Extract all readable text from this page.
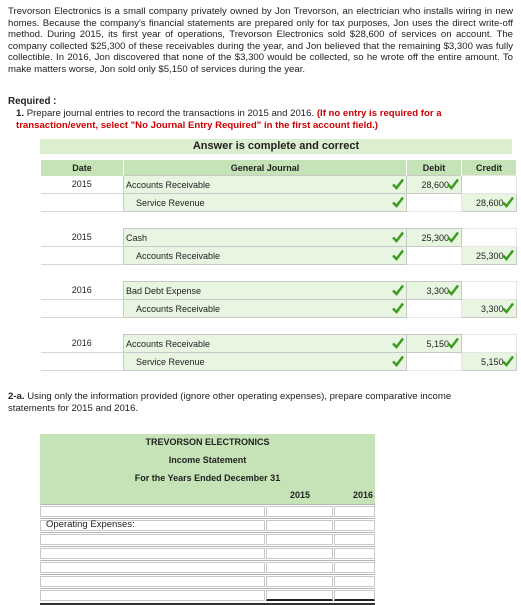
Trevorson Electronics is a small company privately owned by Jon Trevorson, an electrician who installs wiring in new homes. Because the company's financial statements are prepared only for tax purposes, Jon uses the direct write-off method. During 2015, its first year of operations, Trevorson Electronics sold $28,600 of services on account. The company collected $25,300 of these receivables during the year, and Jon believed that the remaining $3,300 was fully collectible. In 2016, Jon discovered that none of the $3,300 would be collected, so he wrote off the entire amount. To make matters worse, Jon sold only $5,150 of services during the year.
Required :
1. Prepare journal entries to record the transactions in 2015 and 2016. (If no entry is required for a transaction/event, select "No Journal Entry Required" in the first account field.)
Answer is complete and correct
Date	General Journal	Debit	Credit
2015	Accounts Receivable	28,600

	Service Revenue		28,600

2015	Cash	25,300

	Accounts Receivable		25,300

2016	Bad Debt Expense	3,300

	Accounts Receivable		3,300

2016	Accounts Receivable	5,150

	Service Revenue		5,150
2-a. Using only the information provided (ignore other operating expenses), prepare comparative income statements for 2015 and 2016.
TREVORSON ELECTRONICS
Income Statement
For the Years Ended December 31
2015	2016
Operating Expenses:
